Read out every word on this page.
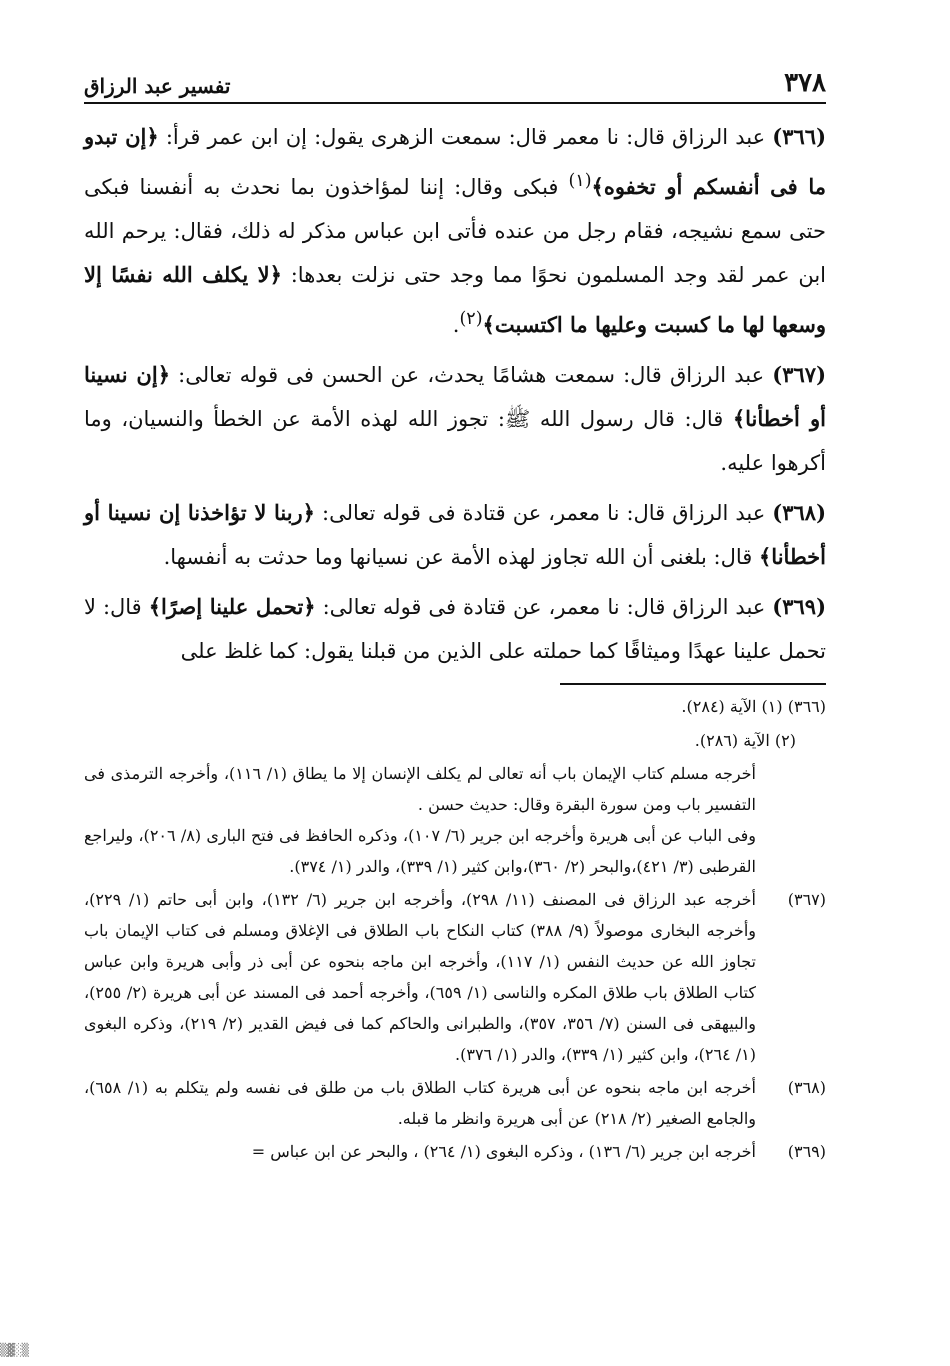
٣٧٨
تفسير عبد الرزاق

(٣٦٦) عبد الرزاق قال: نا معمر قال: سمعت الزهرى يقول: إن ابن عمر قرأ: ﴿إن تبدو ما فى أنفسكم أو تخفوه﴾$^{(١)}$ فبكى وقال: إننا لمؤاخذون بما نحدث به أنفسنا فبكى حتى سمع نشيجه، فقام رجل من عنده فأتى ابن عباس مذكر له ذلك، فقال: يرحم الله ابن عمر لقد وجد المسلمون نحوًا مما وجد حتى نزلت بعدها: ﴿لا يكلف الله نفسًا إلا وسعها لها ما كسبت وعليها ما اكتسبت﴾$^{(٢)}$.

(٣٦٧) عبد الرزاق قال: سمعت هشامًا يحدث، عن الحسن فى قوله تعالى: ﴿إن نسينا أو أخطأنا﴾ قال: قال رسول الله ﷺ: تجوز الله لهذه الأمة عن الخطأ والنسيان، وما أكرهوا عليه.

(٣٦٨) عبد الرزاق قال: نا معمر، عن قتادة فى قوله تعالى: ﴿ربنا لا تؤاخذنا إن نسينا أو أخطأنا﴾ قال: بلغنى أن الله تجاوز لهذه الأمة عن نسيانها وما حدثت به أنفسها.

(٣٦٩) عبد الرزاق قال: نا معمر، عن قتادة فى قوله تعالى: ﴿تحمل علينا إصرًا﴾ قال: لا تحمل علينا عهدًا وميثاقًا كما حملته على الذين من قبلنا يقول: كما غلظ على

(٣٦٦) (١) الآية (٢٨٤).
(٢) الآية (٢٨٦).
أخرجه مسلم كتاب الإيمان باب أنه تعالى لم يكلف الإنسان إلا ما يطاق (١/ ١١٦)، وأخرجه الترمذى فى التفسير باب ومن سورة البقرة وقال: حديث حسن .
وفى الباب عن أبى هريرة وأخرجه ابن جرير (٦/ ١٠٧)، وذكره الحافظ فى فتح البارى (٨/ ٢٠٦)، وليراجع القرطبى (٣/ ٤٢١)،والبحر (٢/ ٣٦٠)،وابن كثير (١/ ٣٣٩)، والدر (١/ ٣٧٤).
(٣٦٧)
أخرجه عبد الرزاق فى المصنف (١١/ ٢٩٨)، وأخرجه ابن جرير (٦/ ١٣٢)، وابن أبى حاتم (١/ ٢٢٩)، وأخرجه البخارى موصولاً (٩/ ٣٨٨) كتاب النكاح باب الطلاق فى الإغلاق ومسلم فى كتاب الإيمان باب تجاوز الله عن حديث النفس (١/ ١١٧)، وأخرجه ابن ماجه بنحوه عن أبى ذر وأبى هريرة وابن عباس كتاب الطلاق باب طلاق المكره والناسى (١/ ٦٥٩)، وأخرجه أحمد فى المسند عن أبى هريرة (٢/ ٢٥٥)، والبيهقى فى السنن (٧/ ٣٥٦، ٣٥٧)، والطبرانى والحاكم كما فى فيض القدير (٢/ ٢١٩)، وذكره البغوى (١/ ٢٦٤)، وابن كثير (١/ ٣٣٩)، والدر (١/ ٣٧٦).
(٣٦٨)
أخرجه ابن ماجه بنحوه عن أبى هريرة كتاب الطلاق باب من طلق فى نفسه ولم يتكلم به (١/ ٦٥٨)، والجامع الصغير (٢/ ٢١٨) عن أبى هريرة وانظر ما قبله.
(٣٦٩)
أخرجه ابن جرير (٦/ ١٣٦) ، وذكره البغوى (١/ ٢٦٤) ، والبحر عن ابن عباس =
▒▓░▒
